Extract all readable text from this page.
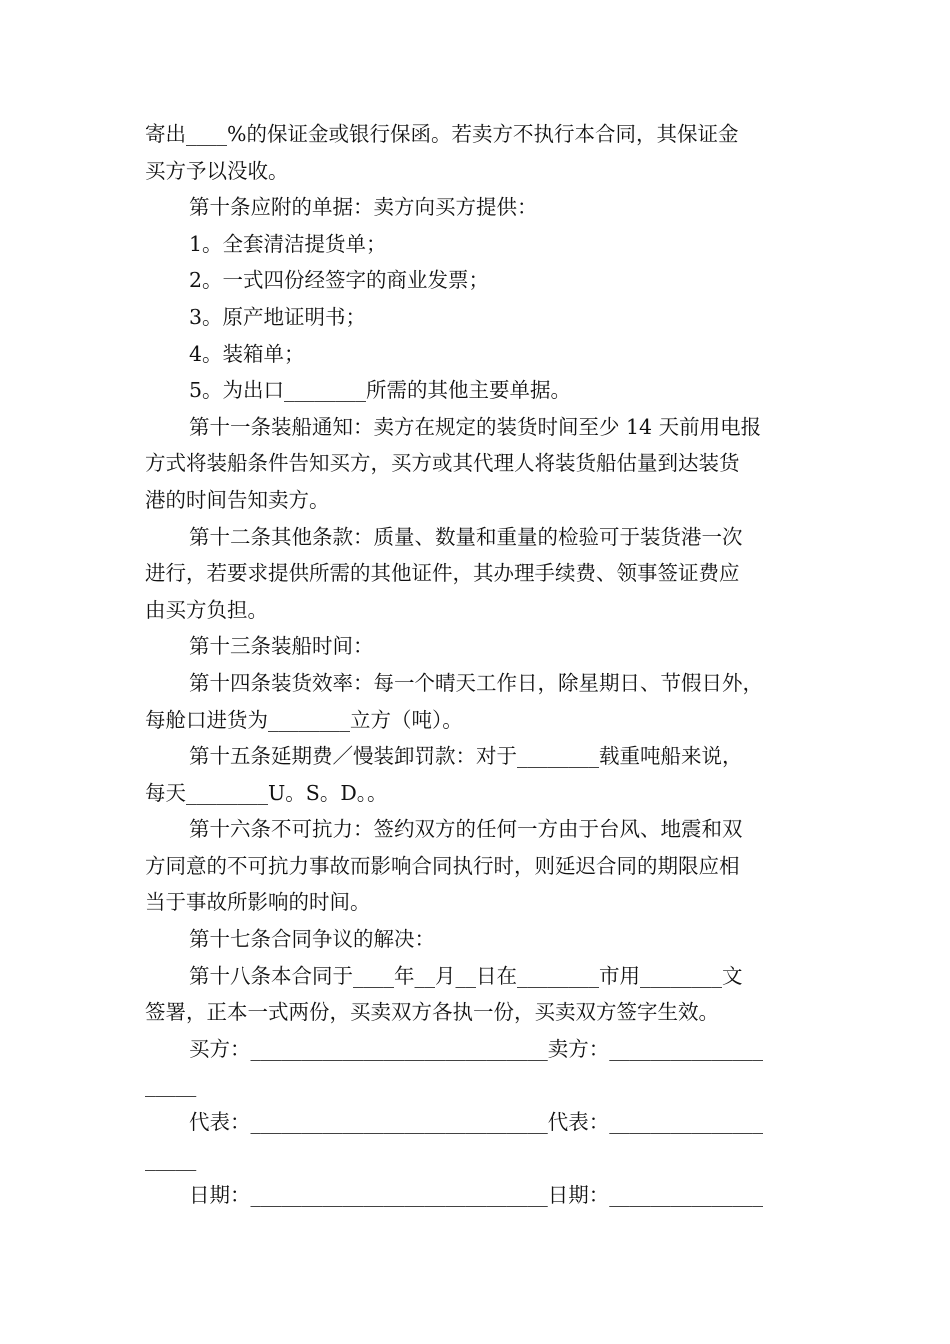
寄出____%的保证金或银行保函。若卖方不执行本合同，其保证金
买方予以没收。
第十条应附的单据：卖方向买方提供：
1。全套清洁提货单；
2。一式四份经签字的商业发票；
3。原产地证明书；
4。装箱单；
5。为出口________所需的其他主要单据。
第十一条装船通知：卖方在规定的装货时间至少 14 天前用电报
方式将装船条件告知买方，买方或其代理人将装货船估量到达装货
港的时间告知卖方。
第十二条其他条款：质量、数量和重量的检验可于装货港一次
进行，若要求提供所需的其他证件，其办理手续费、领事签证费应
由买方负担。
第十三条装船时间：
第十四条装货效率：每一个晴天工作日，除星期日、节假日外，
每舱口进货为________立方（吨）。
第十五条延期费／慢装卸罚款：对于________载重吨船来说，
每天________U。S。D。。
第十六条不可抗力：签约双方的任何一方由于台风、地震和双
方同意的不可抗力事故而影响合同执行时，则延迟合同的期限应相
当于事故所影响的时间。
第十七条合同争议的解决：
第十八条本合同于____年__月__日在________市用________文
签署，正本一式两份，买卖双方各执一份，买卖双方签字生效。
买方：_____________________________卖方：_______________
_____
代表：_____________________________代表：_______________
_____
日期：_____________________________日期：_______________
